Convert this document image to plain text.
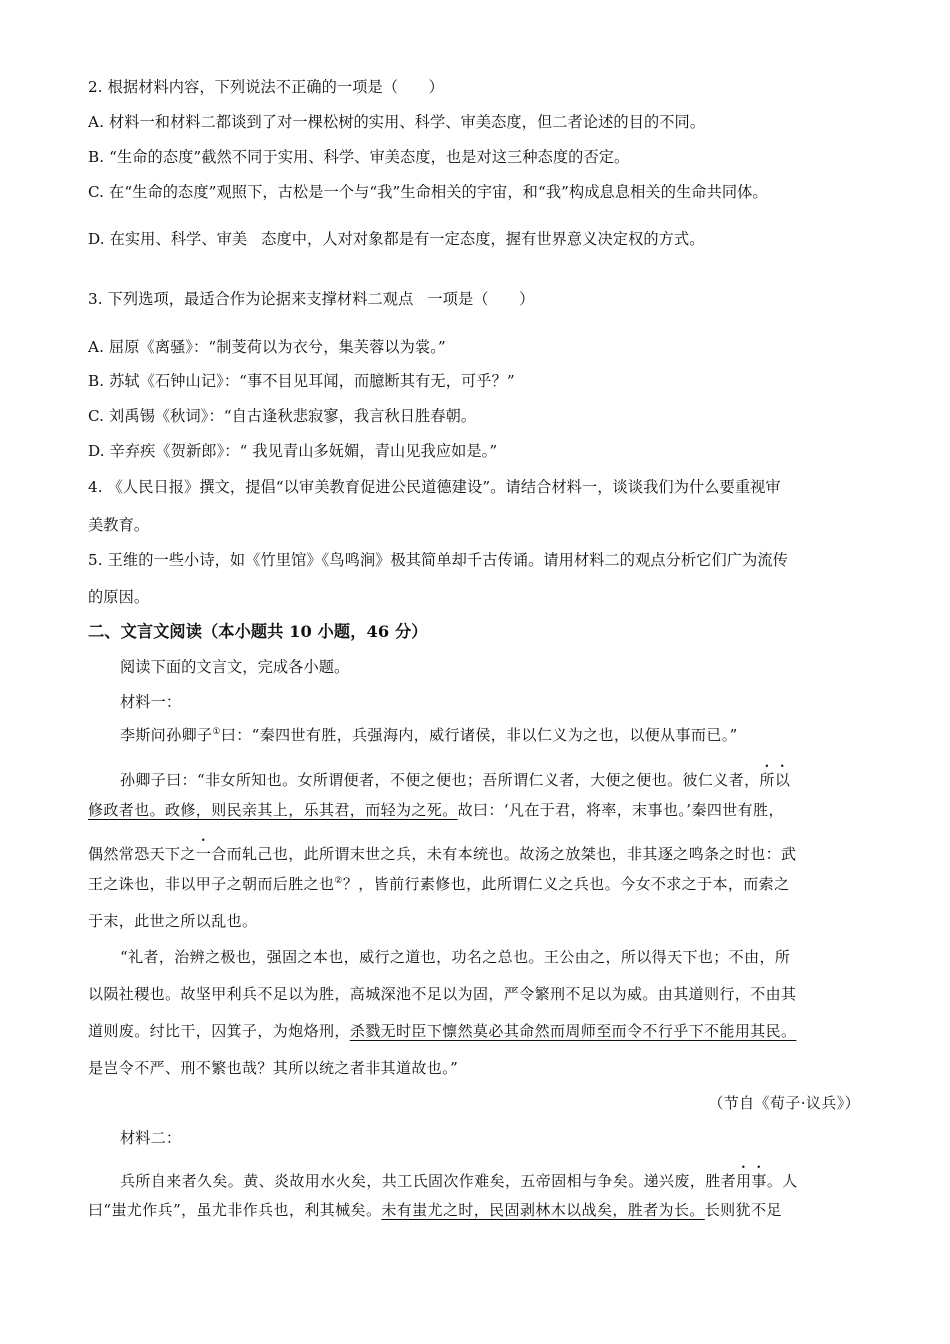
2. 根据材料内容，下列说法不正确的一项是（　　）
A. 材料一和材料二都谈到了对一棵松树的实用、科学、审美态度，但二者论述的目的不同。
B. “生命的态度”截然不同于实用、科学、审美态度，也是对这三种态度的否定。
C. 在“生命的态度”观照下，古松是一个与“我”生命相关的宇宙，和“我”构成息息相关的生命共同体。
D. 在实用、科学、审美 态度中，人对对象都是有一定态度，握有世界意义决定权的方式。
3. 下列选项，最适合作为论据来支撑材料二观点 一项是（　　）
A. 屈原《离骚》：“制芰荷以为衣兮，集芙蓉以为裳。”
B. 苏轼《石钟山记》：“事不目见耳闻，而臆断其有无，可乎？”
C. 刘禹锡《秋词》：“自古逢秋悲寂寥，我言秋日胜春朝。
D. 辛弃疾《贺新郎》：“ 我见青山多妩媚，青山见我应如是。”
4. 《人民日报》撰文，提倡“以审美教育促进公民道德建设”。请结合材料一，谈谈我们为什么要重视审
美教育。
5. 王维的一些小诗，如《竹里馆》《鸟鸣涧》极其简单却千古传诵。请用材料二的观点分析它们广为流传
的原因。
二、文言文阅读（本小题共 10 小题，46 分）
阅读下面的文言文，完成各小题。
材料一：
李斯问孙卿子①曰：“秦四世有胜，兵强海内，威行诸侯，非以仁义为之也，以便从事而已。”
孙卿子曰：“非女所知也。女所谓便者，不便之便也；吾所谓仁义者，大便之便也。彼仁义者，所以
修政者也。政修，则民亲其上，乐其君，而轻为之死。故曰：‘凡在于君，将率，末事也。’秦四世有胜，
偶然常恐天下之一合而轧己也，此所谓末世之兵，未有本统也。故汤之放桀也，非其逐之鸣条之时也：武
王之诛也，非以甲子之朝而后胜之也②？，皆前行素修也，此所谓仁义之兵也。今女不求之于本，而索之
于末，此世之所以乱也。
“礼者，治辨之极也，强固之本也，威行之道也，功名之总也。王公由之，所以得天下也；不由，所
以陨社稷也。故坚甲利兵不足以为胜，高城深池不足以为固，严令繁刑不足以为威。由其道则行，不由其
道则废。纣比干，囚箕子，为炮烙刑，杀戮无时臣下懔然莫必其命然而周师至而令不行乎下不能用其民。
是岂令不严、刑不繁也哉？其所以统之者非其道故也。”
（节自《荀子·议兵》）
材料二：
兵所自来者久矣。黄、炎故用水火矣，共工氏固次作难矣，五帝固相与争矣。递兴废，胜者用事。人
曰“蚩尤作兵”，虽尤非作兵也，利其械矣。未有蚩尤之时，民固剥林木以战矣，胜者为长。长则犹不足
